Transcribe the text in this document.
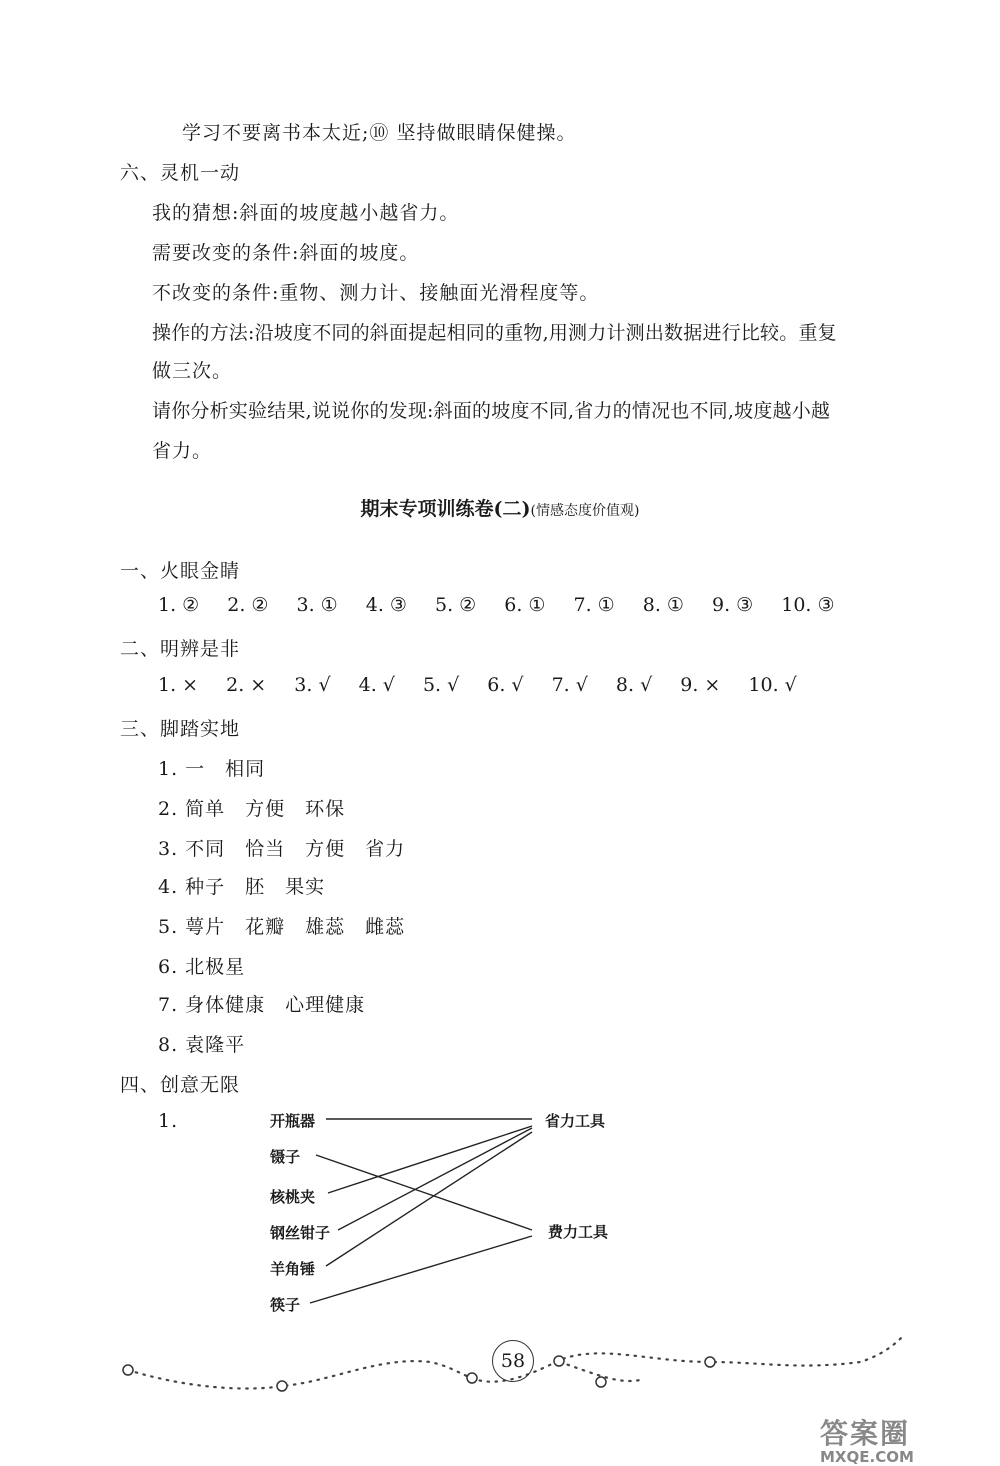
学习不要离书本太近;⑩ 坚持做眼睛保健操。
六、灵机一动
我的猜想:斜面的坡度越小越省力。
需要改变的条件:斜面的坡度。
不改变的条件:重物、测力计、接触面光滑程度等。
操作的方法:沿坡度不同的斜面提起相同的重物,用测力计测出数据进行比较。重复
做三次。
请你分析实验结果,说说你的发现:斜面的坡度不同,省力的情况也不同,坡度越小越
省力。
期末专项训练卷(二)(情感态度价值观)
一、火眼金睛
1. ② 2. ② 3. ① 4. ③ 5. ② 6. ① 7. ① 8. ① 9. ③ 10. ③
二、明辨是非
1. × 2. × 3. √ 4. √ 5. √ 6. √ 7. √ 8. √ 9. × 10. √
三、脚踏实地
1. 一　相同
2. 简单　方便　环保
3. 不同　恰当　方便　省力
4. 种子　胚　果实
5. 萼片　花瓣　雄蕊　雌蕊
6. 北极星
7. 身体健康　心理健康
8. 袁隆平
四、创意无限
1.	开瓶器
镊子
核桃夹
钢丝钳子
羊角锤
筷子
省力工具
费力工具
58
答案圈
MXQE.COM
